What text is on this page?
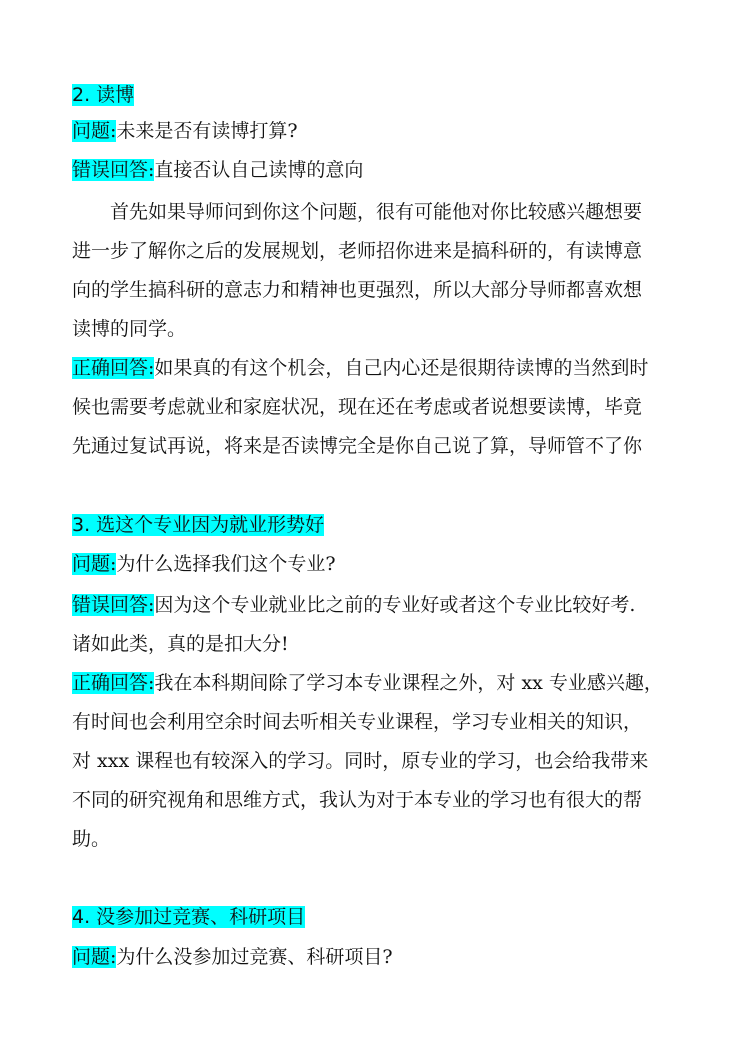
2. 读博
问题:未来是否有读博打算?
错误回答:直接否认自己读博的意向
首先如果导师问到你这个问题，很有可能他对你比较感兴趣想要
进一步了解你之后的发展规划，老师招你进来是搞科研的，有读博意
向的学生搞科研的意志力和精神也更强烈，所以大部分导师都喜欢想
读博的同学。
正确回答:如果真的有这个机会，自己内心还是很期待读博的当然到时
候也需要考虑就业和家庭状况，现在还在考虑或者说想要读博，毕竟
先通过复试再说，将来是否读博完全是你自己说了算，导师管不了你
3. 选这个专业因为就业形势好
问题:为什么选择我们这个专业?
错误回答:因为这个专业就业比之前的专业好或者这个专业比较好考.
诸如此类，真的是扣大分!
正确回答:我在本科期间除了学习本专业课程之外，对 xx 专业感兴趣，
有时间也会利用空余时间去听相关专业课程，学习专业相关的知识，
对 xxx 课程也有较深入的学习。同时，原专业的学习，也会给我带来
不同的研究视角和思维方式，我认为对于本专业的学习也有很大的帮
助。
4. 没参加过竞赛、科研项目
问题:为什么没参加过竞赛、科研项目?
